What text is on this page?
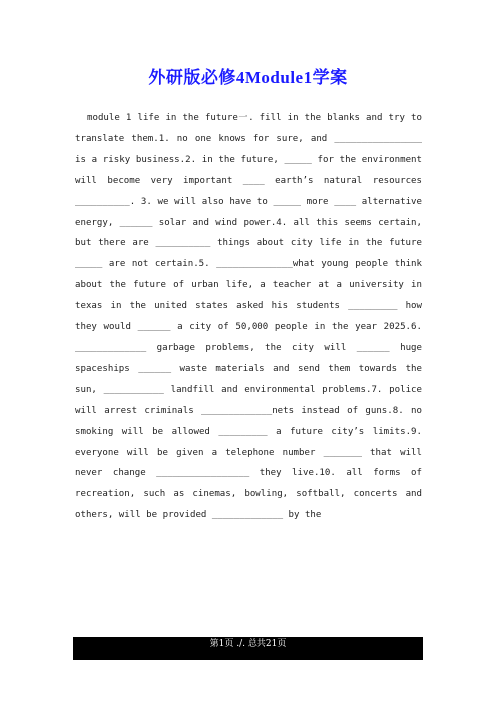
外研版必修4Module1学案
module 1 life in the future一. fill in the blanks and try to translate them.1. no one knows for sure, and ________________ is a risky business.2. in the future, _____ for the environment will become very important ____ earth’s natural resources __________. 3. we will also have to _____ more ____ alternative energy, ______ solar and wind power.4. all this seems certain, but there are __________ things about city life in the future _____ are not certain.5. ______________what young people think about the future of urban life, a teacher at a university in texas in the united states asked his students _________ how they would ______ a city of 50,000 people in the year 2025.6. _____________ garbage problems, the city will ______ huge spaceships ______ waste materials and send them towards the sun, ___________ landfill and environmental problems.7. police will arrest criminals _____________nets instead of guns.8. no smoking will be allowed _________ a future city’s limits.9. everyone will be given a telephone number _______ that will never change _________________ they live.10. all forms of recreation, such as cinemas, bowling, softball, concerts and others, will be provided _____________ by the
第1页 ./. 总共21页
